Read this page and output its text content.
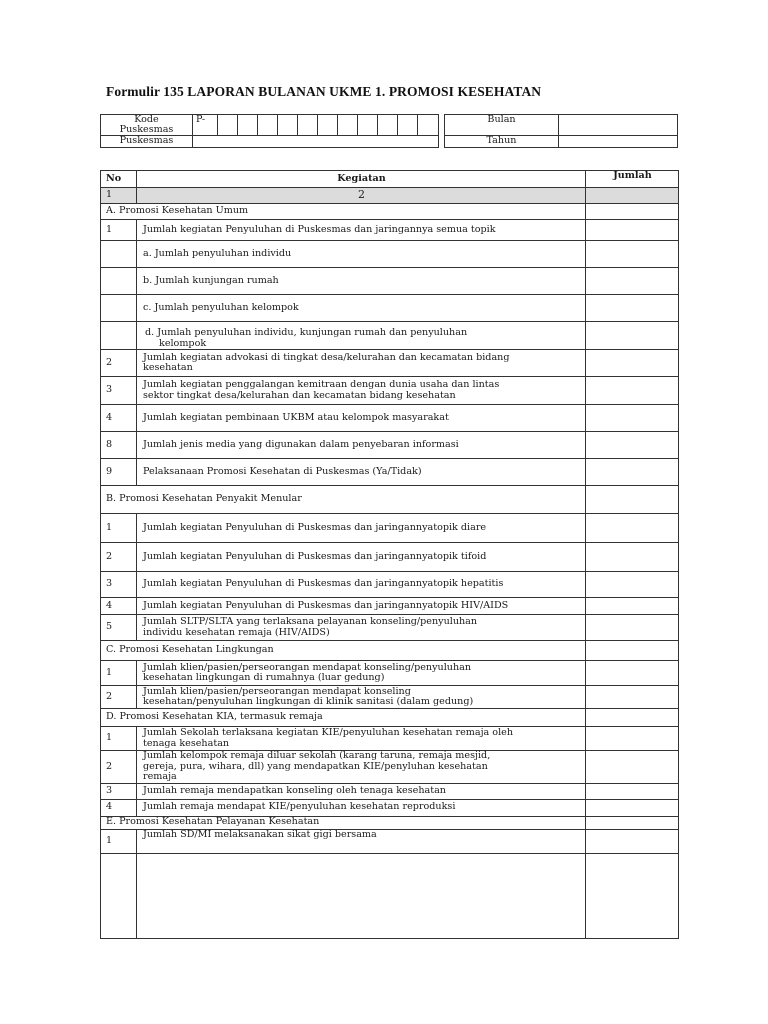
Formulir 135 LAPORAN BULANAN UKME 1. PROMOSI KESEHATAN
Kode
Puskesmas	P-											
Puskesmas												
Bulan	
Tahun	
No	Kegiatan	Jumlah
1	2	
A. Promosi Kesehatan Umum		
1	Jumlah kegiatan Penyuluhan di Puskesmas dan jaringannya semua topik	
	a. Jumlah penyuluhan individu	
	b. Jumlah kunjungan rumah	
	c. Jumlah penyuluhan kelompok	

	d. Jumlah penyuluhan individu, kunjungan rumah dan penyuluhan
kelompok	

2	Jumlah kegiatan advokasi di tingkat desa/kelurahan dan kecamatan bidang
kesehatan	

3	Jumlah kegiatan penggalangan kemitraan dengan dunia usaha dan lintas
sektor tingkat desa/kelurahan dan kecamatan bidang kesehatan	

4	Jumlah kegiatan pembinaan UKBM atau kelompok masyarakat	
8	Jumlah jenis media yang digunakan dalam penyebaran informasi	
9	Pelaksanaan Promosi Kesehatan di Puskesmas (Ya/Tidak)	
B. Promosi Kesehatan Penyakit Menular		
1	Jumlah kegiatan Penyuluhan di Puskesmas dan jaringannyatopik diare	
2	Jumlah kegiatan Penyuluhan di Puskesmas dan jaringannyatopik tifoid	
3	Jumlah kegiatan Penyuluhan di Puskesmas dan jaringannyatopik hepatitis	
4	Jumlah kegiatan Penyuluhan di Puskesmas dan jaringannyatopik HIV/AIDS	
5	Jumlah SLTP/SLTA yang terlaksana pelayanan konseling/penyuluhan
individu kesehatan remaja (HIV/AIDS)	

C. Promosi Kesehatan Lingkungan		
1	Jumlah klien/pasien/perseorangan mendapat konseling/penyuluhan
kesehatan lingkungan di rumahnya (luar gedung)	

2	Jumlah klien/pasien/perseorangan mendapat konseling
kesehatan/penyuluhan lingkungan di klinik sanitasi (dalam gedung)	

D. Promosi Kesehatan KIA, termasuk remaja		
1	Jumlah Sekolah terlaksana kegiatan KIE/penyuluhan kesehatan remaja oleh
tenaga kesehatan	

2	Jumlah kelompok remaja diluar sekolah (karang taruna, remaja mesjid,
gereja, pura, wihara, dll) yang mendapatkan KIE/penyluhan kesehatan
remaja	

3	Jumlah remaja mendapatkan konseling oleh tenaga kesehatan	
4	Jumlah remaja mendapat KIE/penyuluhan kesehatan reproduksi	
E. Promosi Kesehatan Pelayanan Kesehatan		
1	Jumlah SD/MI melaksanakan sikat gigi bersama	
